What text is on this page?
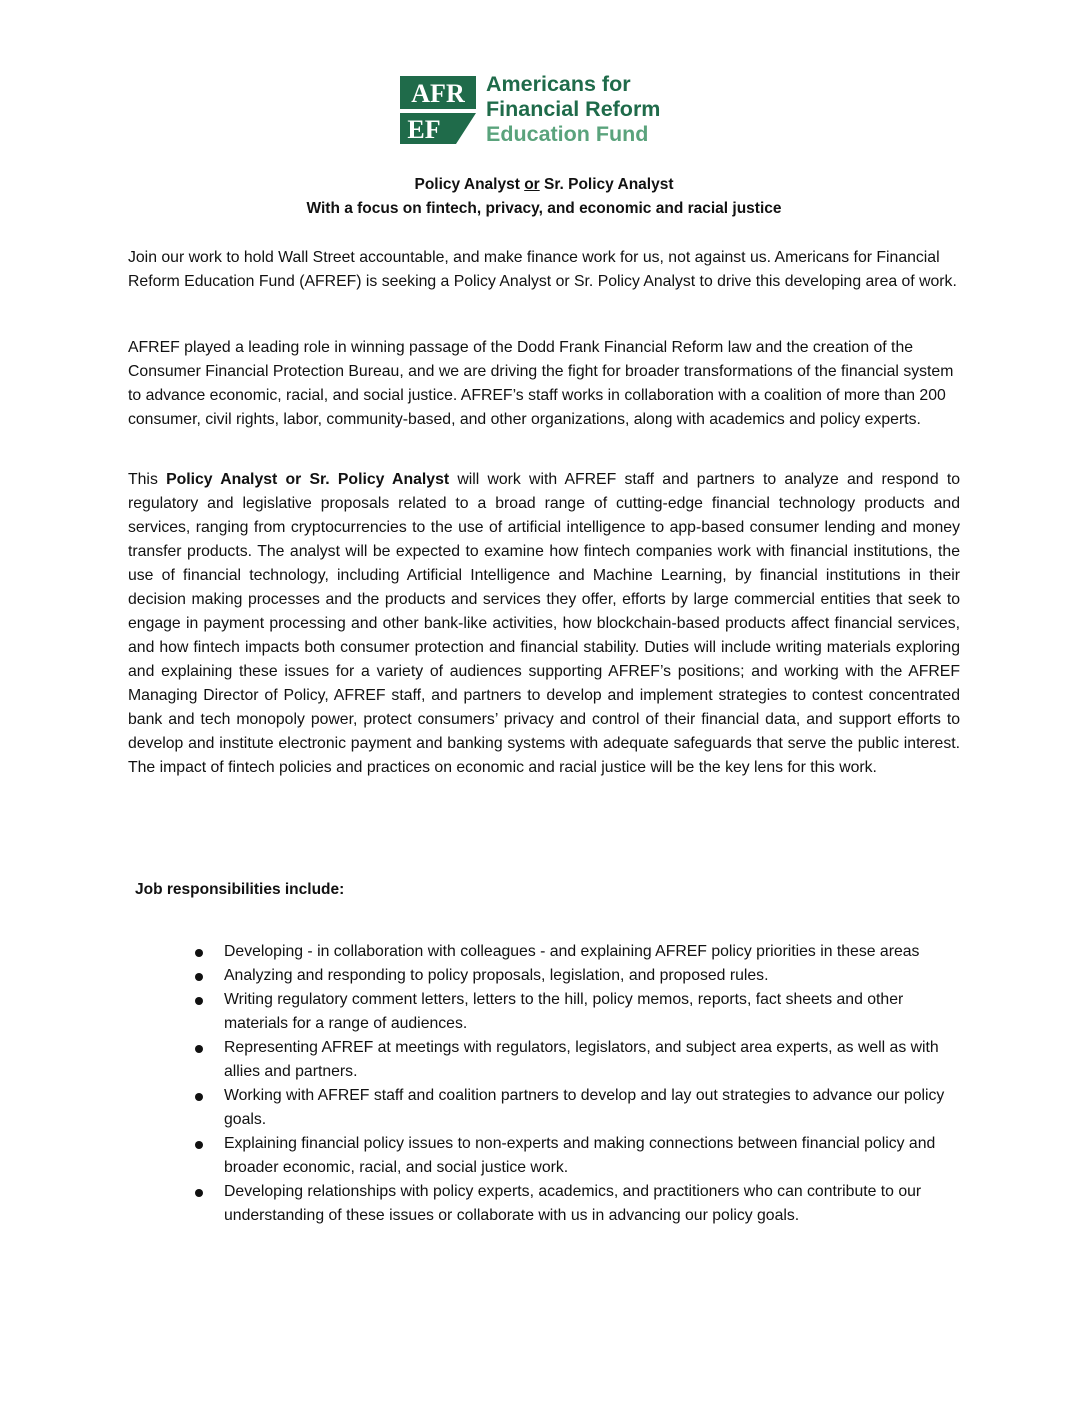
AFR
EF
Americans for
Financial Reform
Education Fund
Policy Analyst or Sr. Policy Analyst
With a focus on fintech, privacy, and economic and racial justice

Join our work to hold Wall Street accountable, and make finance work for us, not against us. Americans for Financial Reform Education Fund (AFREF) is seeking a Policy Analyst or Sr. Policy Analyst to drive this developing area of work.

AFREF played a leading role in winning passage of the Dodd Frank Financial Reform law and the creation of the Consumer Financial Protection Bureau, and we are driving the fight for broader transformations of the financial system to advance economic, racial, and social justice. AFREF’s staff works in collaboration with a coalition of more than 200 consumer, civil rights, labor, community-based, and other organizations, along with academics and policy experts.

This Policy Analyst or Sr. Policy Analyst will work with AFREF staff and partners to analyze and respond to regulatory and legislative proposals related to a broad range of cutting-edge financial technology products and services, ranging from cryptocurrencies to the use of artificial intelligence to app-based consumer lending and money transfer products. The analyst will be expected to examine how fintech companies work with financial institutions, the use of financial technology, including Artificial Intelligence and Machine Learning, by financial institutions in their decision making processes and the products and services they offer, efforts by large commercial entities that seek to engage in payment processing and other bank-like activities, how blockchain-based products affect financial services, and how fintech impacts both consumer protection and financial stability. Duties will include writing materials exploring and explaining these issues for a variety of audiences supporting AFREF’s positions; and working with the AFREF Managing Director of Policy, AFREF staff, and partners to develop and implement strategies to contest concentrated bank and tech monopoly power, protect consumers’ privacy and control of their financial data, and support efforts to develop and institute electronic payment and banking systems with adequate safeguards that serve the public interest. The impact of fintech policies and practices on economic and racial justice will be the key lens for this work.

Job responsibilities include:
Developing - in collaboration with colleagues - and explaining AFREF policy priorities in these areas
Analyzing and responding to policy proposals, legislation, and proposed rules.
Writing regulatory comment letters, letters to the hill, policy memos, reports, fact sheets and other materials for a range of audiences.
Representing AFREF at meetings with regulators, legislators, and subject area experts, as well as with allies and partners.
Working with AFREF staff and coalition partners to develop and lay out strategies to advance our policy goals.
Explaining financial policy issues to non-experts and making connections between financial policy and broader economic, racial, and social justice work.
Developing relationships with policy experts, academics, and practitioners who can contribute to our understanding of these issues or collaborate with us in advancing our policy goals.
